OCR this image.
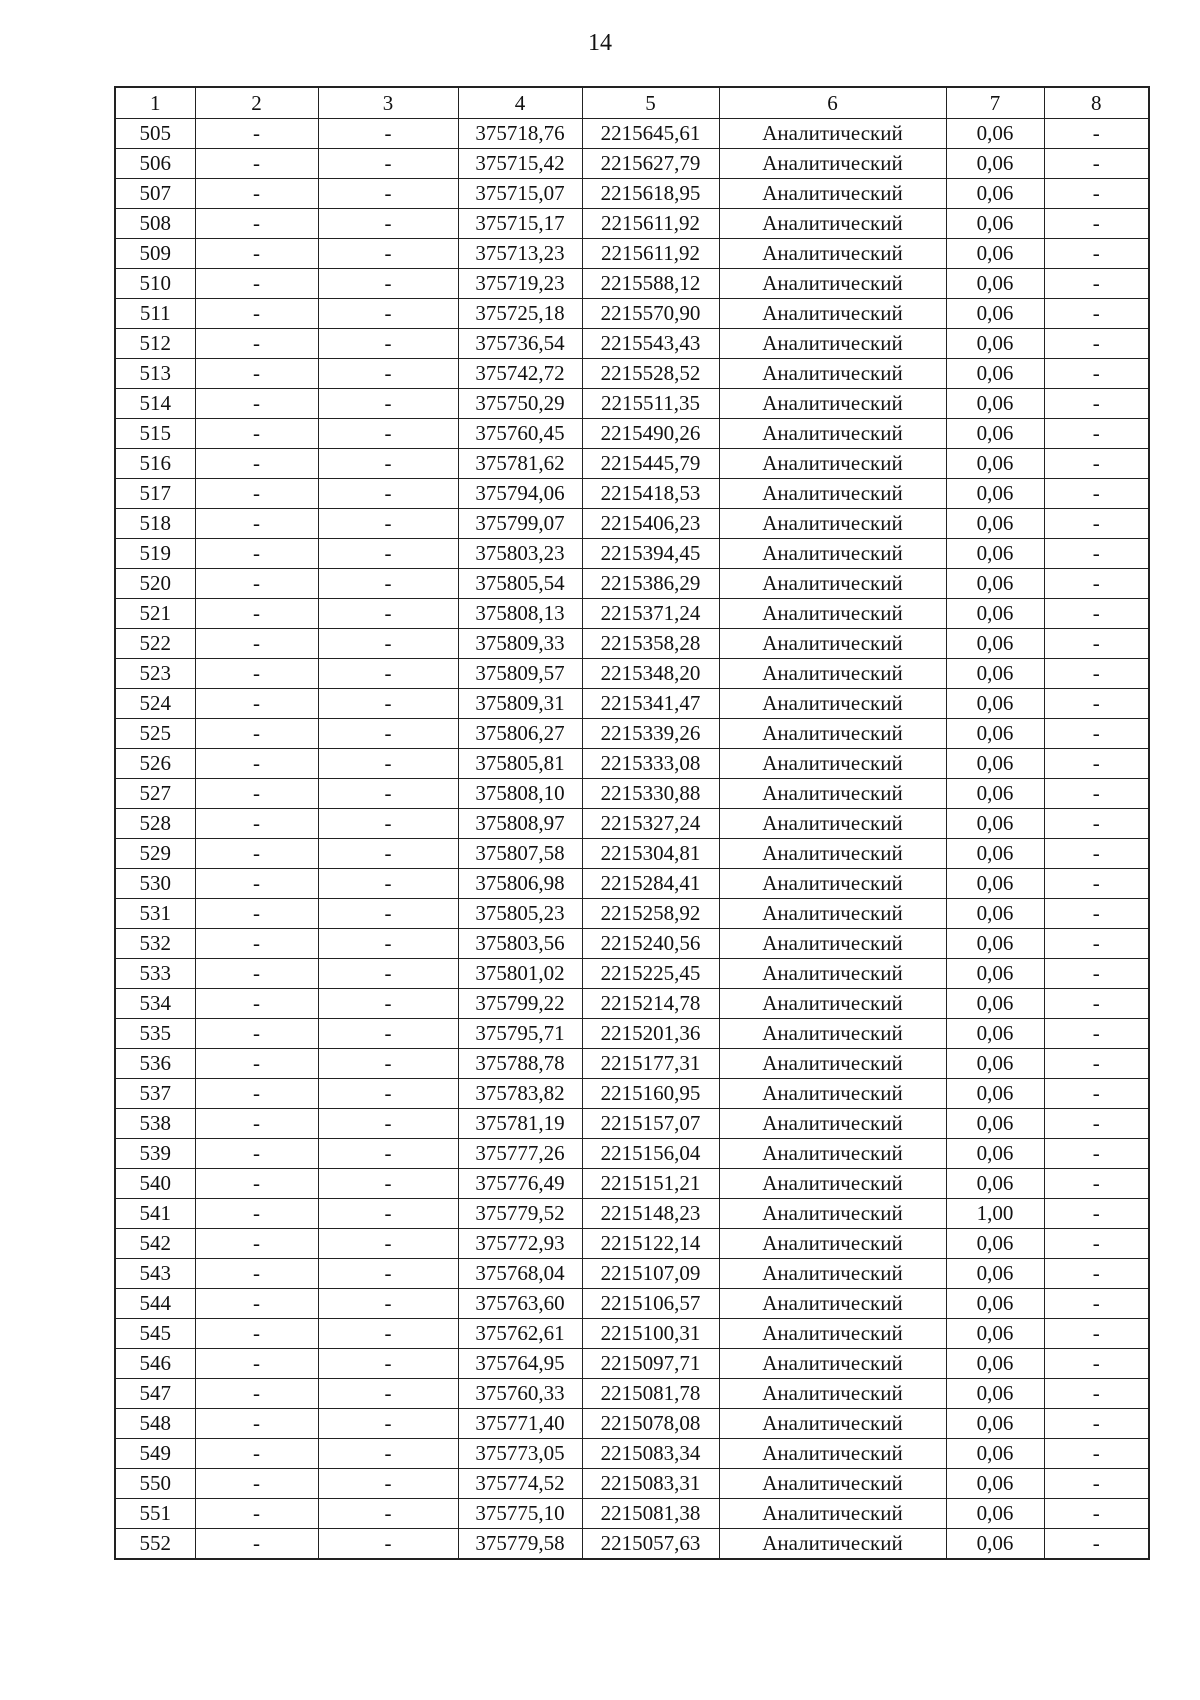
14
1	2	3	4	5	6	7	8
505	-	-	375718,76	2215645,61	Аналитический	0,06	-
506	-	-	375715,42	2215627,79	Аналитический	0,06	-
507	-	-	375715,07	2215618,95	Аналитический	0,06	-
508	-	-	375715,17	2215611,92	Аналитический	0,06	-
509	-	-	375713,23	2215611,92	Аналитический	0,06	-
510	-	-	375719,23	2215588,12	Аналитический	0,06	-
511	-	-	375725,18	2215570,90	Аналитический	0,06	-
512	-	-	375736,54	2215543,43	Аналитический	0,06	-
513	-	-	375742,72	2215528,52	Аналитический	0,06	-
514	-	-	375750,29	2215511,35	Аналитический	0,06	-
515	-	-	375760,45	2215490,26	Аналитический	0,06	-
516	-	-	375781,62	2215445,79	Аналитический	0,06	-
517	-	-	375794,06	2215418,53	Аналитический	0,06	-
518	-	-	375799,07	2215406,23	Аналитический	0,06	-
519	-	-	375803,23	2215394,45	Аналитический	0,06	-
520	-	-	375805,54	2215386,29	Аналитический	0,06	-
521	-	-	375808,13	2215371,24	Аналитический	0,06	-
522	-	-	375809,33	2215358,28	Аналитический	0,06	-
523	-	-	375809,57	2215348,20	Аналитический	0,06	-
524	-	-	375809,31	2215341,47	Аналитический	0,06	-
525	-	-	375806,27	2215339,26	Аналитический	0,06	-
526	-	-	375805,81	2215333,08	Аналитический	0,06	-
527	-	-	375808,10	2215330,88	Аналитический	0,06	-
528	-	-	375808,97	2215327,24	Аналитический	0,06	-
529	-	-	375807,58	2215304,81	Аналитический	0,06	-
530	-	-	375806,98	2215284,41	Аналитический	0,06	-
531	-	-	375805,23	2215258,92	Аналитический	0,06	-
532	-	-	375803,56	2215240,56	Аналитический	0,06	-
533	-	-	375801,02	2215225,45	Аналитический	0,06	-
534	-	-	375799,22	2215214,78	Аналитический	0,06	-
535	-	-	375795,71	2215201,36	Аналитический	0,06	-
536	-	-	375788,78	2215177,31	Аналитический	0,06	-
537	-	-	375783,82	2215160,95	Аналитический	0,06	-
538	-	-	375781,19	2215157,07	Аналитический	0,06	-
539	-	-	375777,26	2215156,04	Аналитический	0,06	-
540	-	-	375776,49	2215151,21	Аналитический	0,06	-
541	-	-	375779,52	2215148,23	Аналитический	1,00	-
542	-	-	375772,93	2215122,14	Аналитический	0,06	-
543	-	-	375768,04	2215107,09	Аналитический	0,06	-
544	-	-	375763,60	2215106,57	Аналитический	0,06	-
545	-	-	375762,61	2215100,31	Аналитический	0,06	-
546	-	-	375764,95	2215097,71	Аналитический	0,06	-
547	-	-	375760,33	2215081,78	Аналитический	0,06	-
548	-	-	375771,40	2215078,08	Аналитический	0,06	-
549	-	-	375773,05	2215083,34	Аналитический	0,06	-
550	-	-	375774,52	2215083,31	Аналитический	0,06	-
551	-	-	375775,10	2215081,38	Аналитический	0,06	-
552	-	-	375779,58	2215057,63	Аналитический	0,06	-
